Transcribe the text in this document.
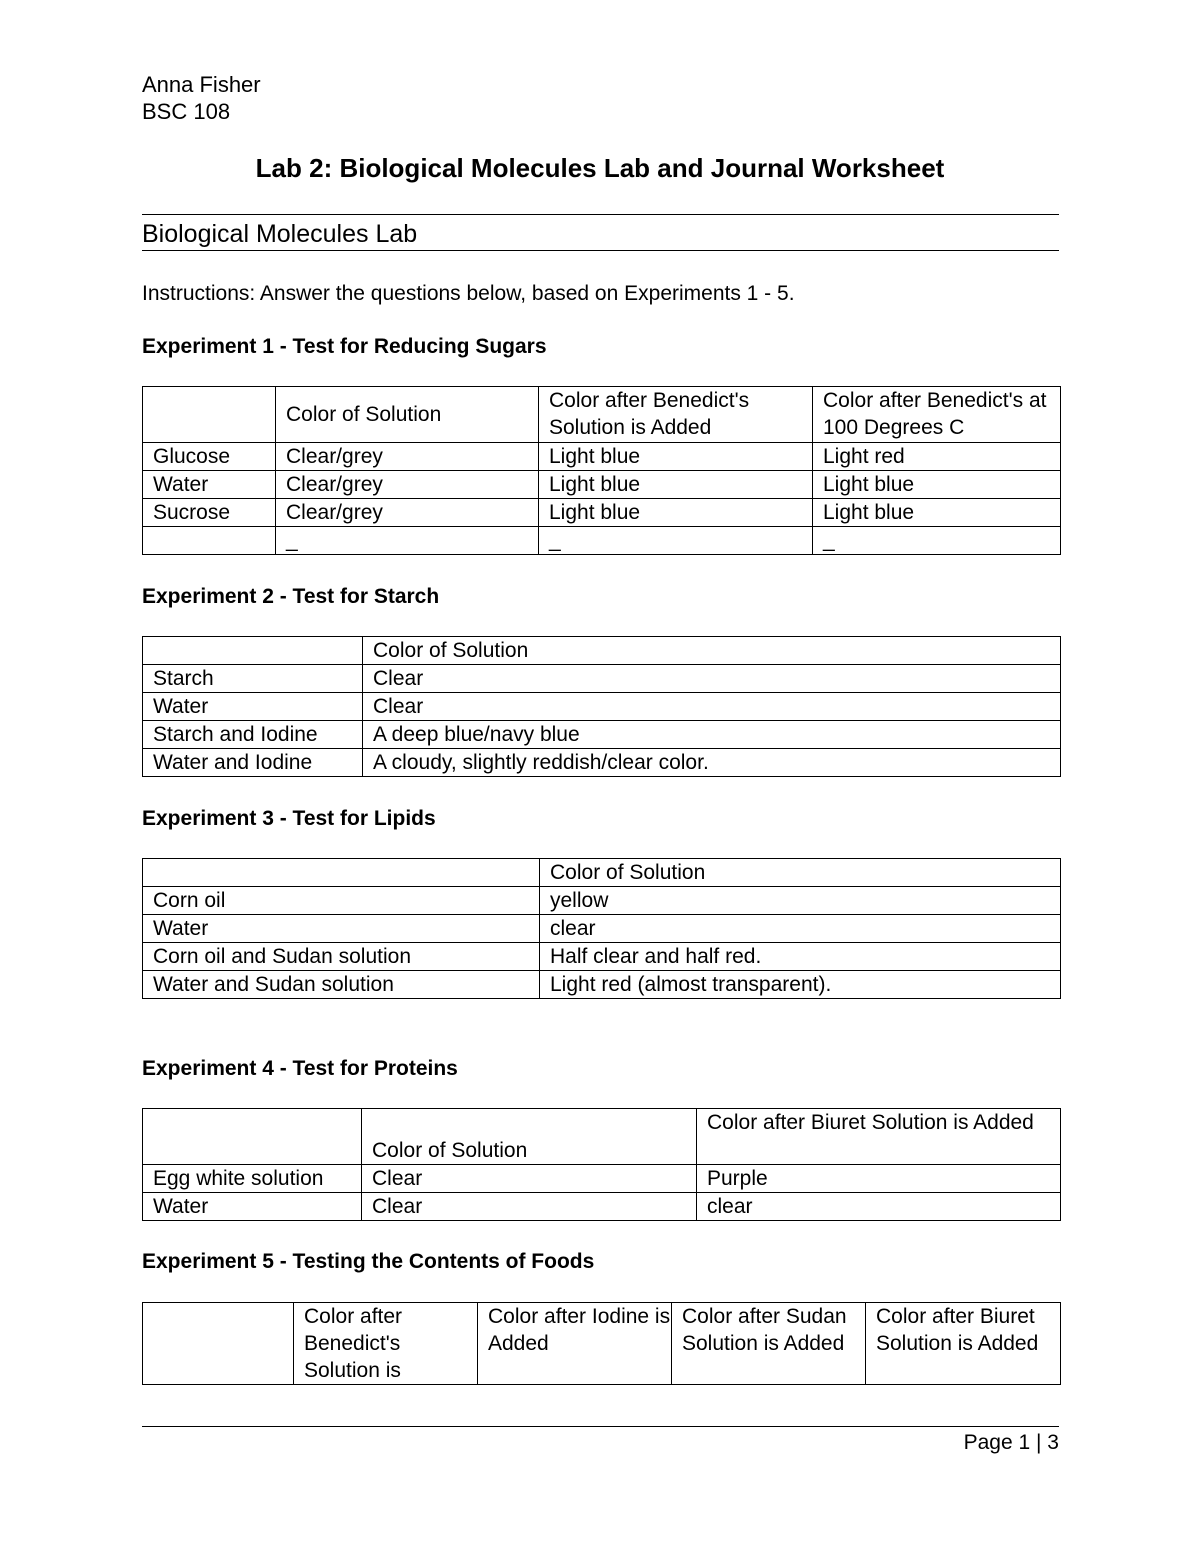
Anna Fisher
BSC 108
Lab 2: Biological Molecules Lab and Journal Worksheet
Biological Molecules Lab
Instructions: Answer the questions below, based on Experiments 1 - 5.
Experiment 1 - Test for Reducing Sugars
	Color of Solution	Color after Benedict's Solution is Added	Color after Benedict's at 100 Degrees C
Glucose	Clear/grey	Light blue	Light red
Water	Clear/grey	Light blue	Light blue
Sucrose	Clear/grey	Light blue	Light blue
	_	_	_
Experiment 2 - Test for Starch
	Color of Solution
Starch	Clear
Water	Clear
Starch and Iodine	A deep blue/navy blue
Water and Iodine	A cloudy, slightly reddish/clear color.
Experiment 3 - Test for Lipids
	Color of Solution
Corn oil	yellow
Water	clear
Corn oil and Sudan solution	Half clear and half red.
Water and Sudan solution	Light red (almost transparent).
Experiment 4 - Test for Proteins
	Color of Solution	Color after Biuret Solution is Added
Egg white solution	Clear	Purple
Water	Clear	clear
Experiment 5 - Testing the Contents of Foods
	Color after Benedict's Solution is	Color after Iodine is Added	Color after Sudan Solution is Added	Color after Biuret Solution is Added
Page 1 | 3
